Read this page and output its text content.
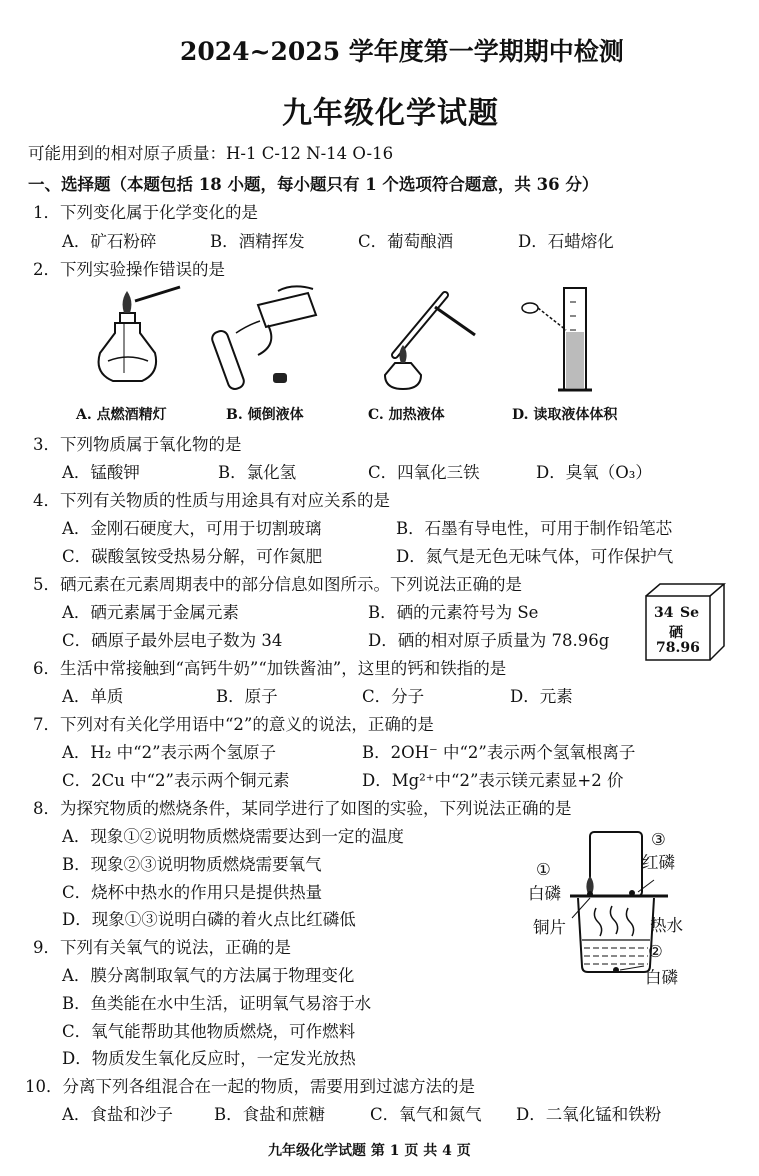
2024~2025 学年度第一学期期中检测
九年级化学试题
可能用到的相对原子质量：H-1 C-12 N-14 O-16
一、选择题（本题包括 18 小题，每小题只有 1 个选项符合题意，共 36 分）
1．下列变化属于化学变化的是
A．矿石粉碎	B．酒精挥发	C．葡萄酿酒	D．石蜡熔化
2．下列实验操作错误的是
A. 点燃酒精灯	B. 倾倒液体	C. 加热液体	D. 读取液体体积
3．下列物质属于氧化物的是
A．锰酸钾	B．氯化氢	C．四氧化三铁	D．臭氧（O₃）
4．下列有关物质的性质与用途具有对应关系的是
A．金刚石硬度大，可用于切割玻璃	B．石墨有导电性，可用于制作铅笔芯
C．碳酸氢铵受热易分解，可作氮肥	D．氮气是无色无味气体，可作保护气
5．硒元素在元素周期表中的部分信息如图所示。下列说法正确的是
A．硒元素属于金属元素	B．硒的元素符号为 Se
C．硒原子最外层电子数为 34	D．硒的相对原子质量为 78.96g
34 Se
硒
78.96
6．生活中常接触到“高钙牛奶”“加铁酱油”，这里的钙和铁指的是
A．单质	B．原子	C．分子	D．元素
7．下列对有关化学用语中“2”的意义的说法，正确的是
A．H₂ 中“2”表示两个氢原子	B．2OH⁻ 中“2”表示两个氢氧根离子
C．2Cu 中“2”表示两个铜元素	D．Mg²⁺中“2”表示镁元素显+2 价
8．为探究物质的燃烧条件，某同学进行了如图的实验，下列说法正确的是
A．现象①②说明物质燃烧需要达到一定的温度
B．现象②③说明物质燃烧需要氧气
C．烧杯中热水的作用只是提供热量
D．现象①③说明白磷的着火点比红磷低
③
红磷
①
白磷
铜片	热水
②
白磷
9．下列有关氧气的说法，正确的是
A．膜分离制取氧气的方法属于物理变化
B．鱼类能在水中生活，证明氧气易溶于水
C．氧气能帮助其他物质燃烧，可作燃料
D．物质发生氧化反应时，一定发光放热
10．分离下列各组混合在一起的物质，需要用到过滤方法的是
A．食盐和沙子 B．食盐和蔗糖	C．氧气和氮气 D．二氧化锰和铁粉
九年级化学试题 第 1 页 共 4 页
